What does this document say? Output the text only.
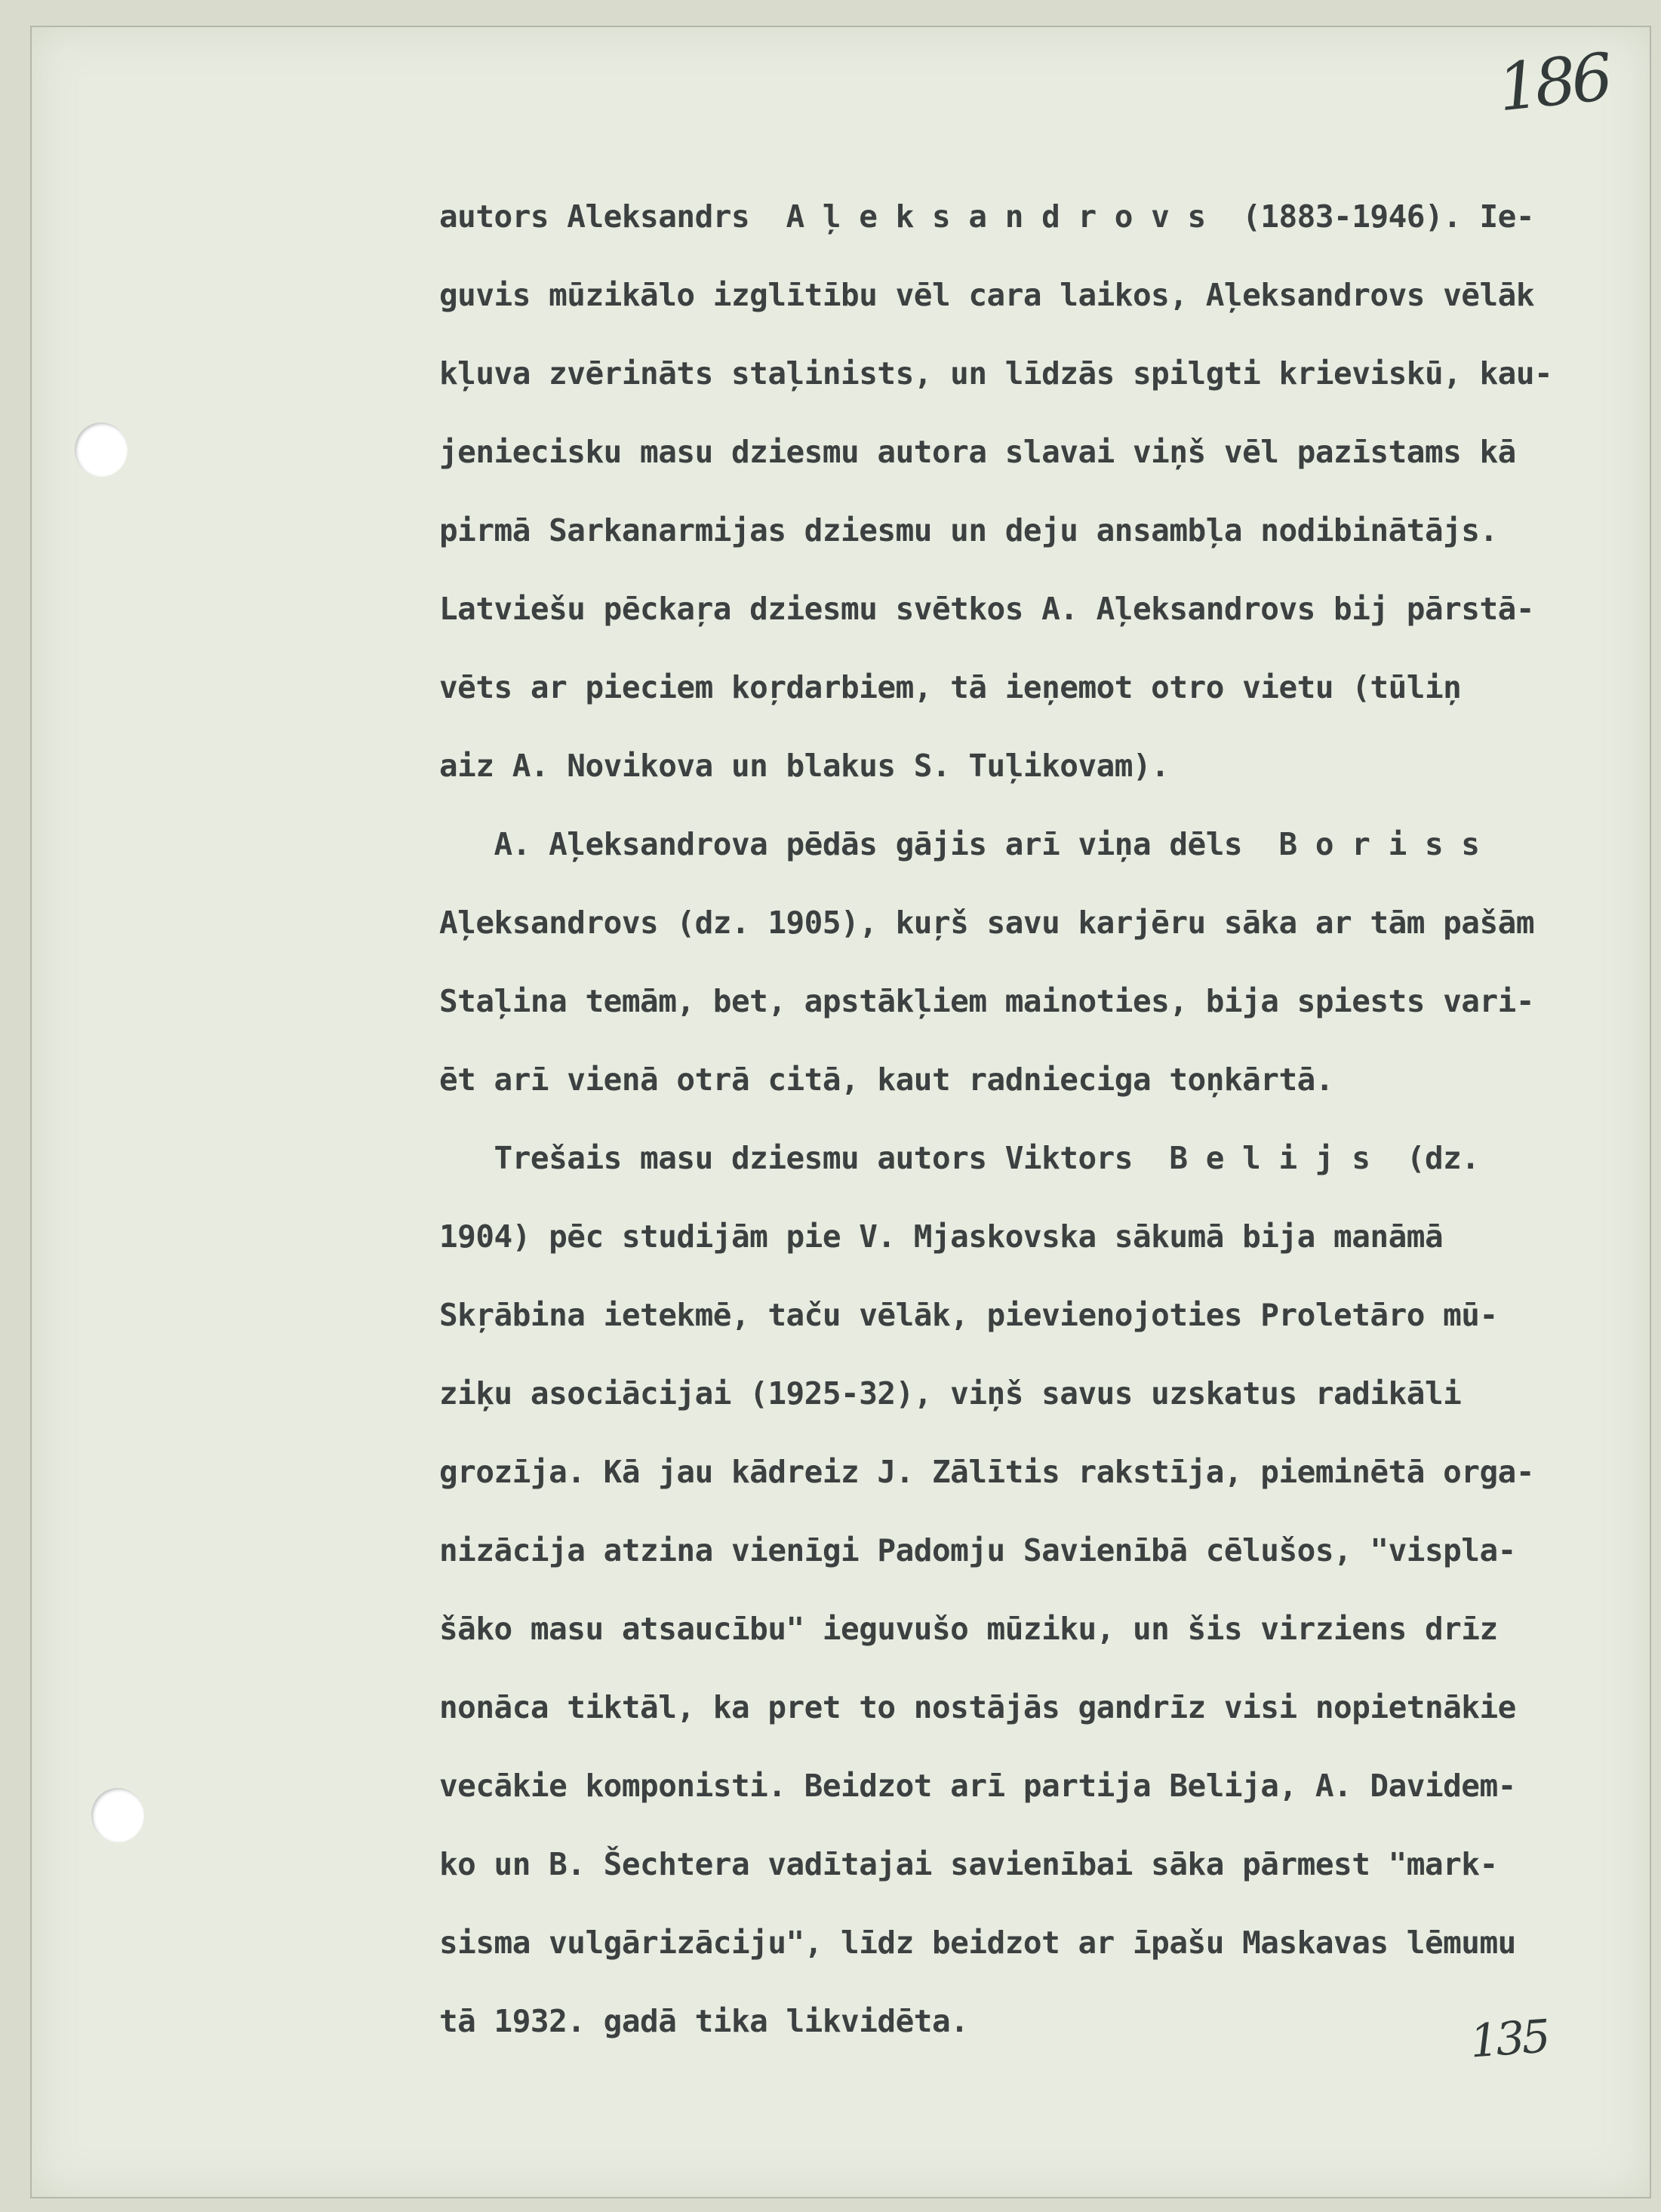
186
135
autors Aleksandrs  A ļ e k s a n d r o v s  (1883-1946). Ie-
guvis mūzikālo izglītību vēl cara laikos, Aļeksandrovs vēlāk
kļuva zvērināts staļinists, un līdzās spilgti krieviskū, kau-
jeniecisku masu dziesmu autora slavai viņš vēl pazīstams kā
pirmā Sarkanarmijas dziesmu un deju ansambļa nodibinātājs.
Latviešu pēckaŗa dziesmu svētkos A. Aļeksandrovs bij pārstā-
vēts ar pieciem koŗdarbiem, tā ieņemot otro vietu (tūliņ
aiz A. Novikova un blakus S. Tuļikovam).
A. Aļeksandrova pēdās gājis arī viņa dēls  B o r i s s
Aļeksandrovs (dz. 1905), kuŗš savu karjēru sāka ar tām pašām
Staļina temām, bet, apstākļiem mainoties, bija spiests vari-
ēt arī vienā otrā citā, kaut radnieciga toņkārtā.
Trešais masu dziesmu autors Viktors  B e l i j s  (dz.
1904) pēc studijām pie V. Mjaskovska sākumā bija manāmā
Skŗābina ietekmē, taču vēlāk, pievienojoties Proletāro mū-
ziķu asociācijai (1925-32), viņš savus uzskatus radikāli
grozīja. Kā jau kādreiz J. Zālītis rakstīja, pieminētā orga-
nizācija atzina vienīgi Padomju Savienībā cēlušos, "vispla-
šāko masu atsaucību" ieguvušo mūziku, un šis virziens drīz
nonāca tiktāl, ka pret to nostājās gandrīz visi nopietnākie
vecākie komponisti. Beidzot arī partija Belija, A. Davidem-
ko un B. Šechtera vadītajai savienībai sāka pārmest "mark-
sisma vulgārizāciju", līdz beidzot ar īpašu Maskavas lēmumu
tā 1932. gadā tika likvidēta.
